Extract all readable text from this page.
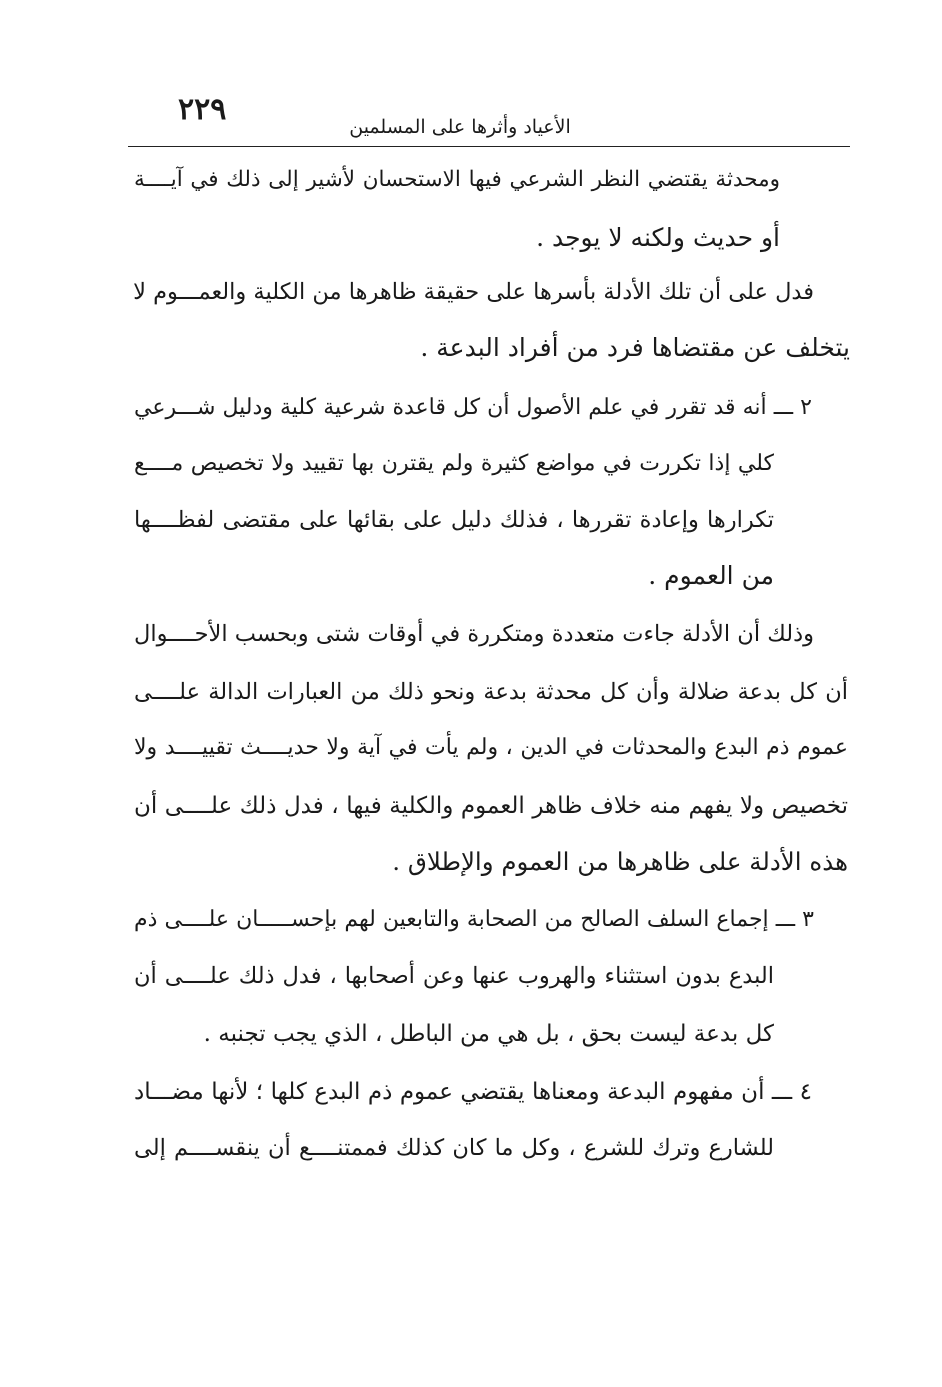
٢٢٩	الأعياد وأثرها على المسلمين
ومحدثة يقتضي النظر الشرعي فيها الاستحسان لأشير إلى ذلك في آيــــة
أو حديث ولكنه لا يوجد .
فدل على أن تلك الأدلة بأسرها على حقيقة ظاهرها من الكلية والعمـــوم لا
يتخلف عن مقتضاها فرد من أفراد البدعة .
٢ ـــ أنه قد تقرر في علم الأصول أن كل قاعدة شرعية كلية ودليل شـــرعي
كلي إذا تكررت في مواضع كثيرة ولم يقترن بها تقييد ولا تخصيص مــــع
تكرارها وإعادة تقررها ، فذلك دليل على بقائها على مقتضى لفظــــها
من العموم .
وذلك أن الأدلة جاءت متعددة ومتكررة في أوقات شتى وبحسب الأحــــوال
أن كل بدعة ضلالة وأن كل محدثة بدعة ونحو ذلك من العبارات الدالة علــــى
عموم ذم البدع والمحدثات في الدين ، ولم يأت في آية ولا حديــــث تقييــــد ولا
تخصيص ولا يفهم منه خلاف ظاهر العموم والكلية فيها ، فدل ذلك علــــى أن
هذه الأدلة على ظاهرها من العموم والإطلاق .
٣ ـــ إجماع السلف الصالح من الصحابة والتابعين لهم بإحســـــان علــــى ذم
البدع بدون استثناء والهروب عنها وعن أصحابها ، فدل ذلك علــــى أن
كل بدعة ليست بحق ، بل هي من الباطل ، الذي يجب تجنبه .
٤ ـــ أن مفهوم البدعة ومعناها يقتضي عموم ذم البدع كلها ؛ لأنها مضـــاد
للشارع وترك للشرع ، وكل ما كان كذلك فممتنــــع أن ينقســــم إلى
